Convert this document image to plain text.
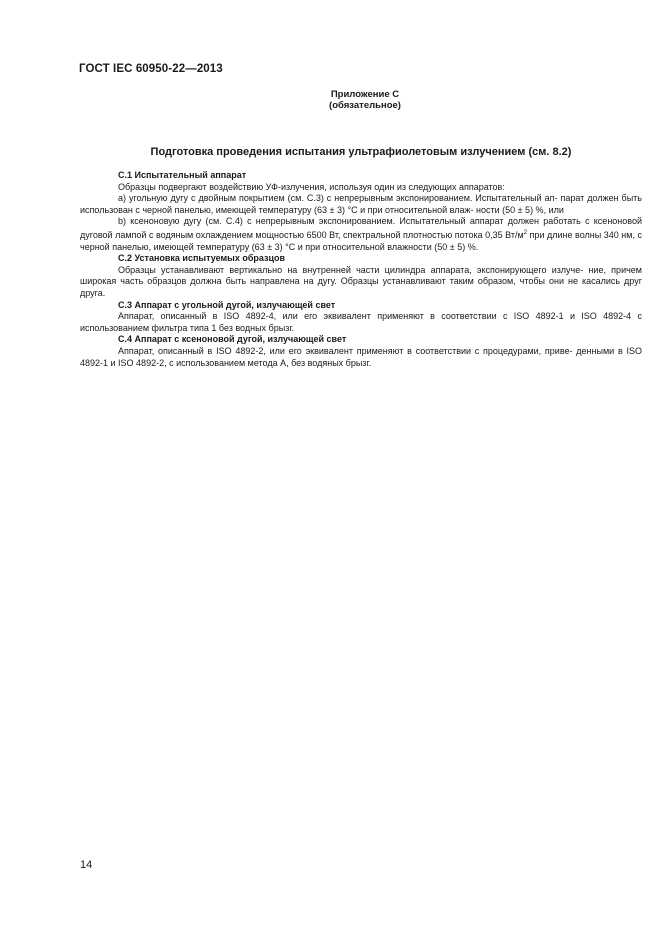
ГОСТ IEC 60950-22—2013
Приложение С
(обязательное)
Подготовка проведения испытания ультрафиолетовым излучением (см. 8.2)

С.1 Испытательный аппарат

Образцы подвергают воздействию УФ-излучения, используя один из следующих аппаратов:

а) угольную дугу с двойным покрытием (см. С.3) с непрерывным экспонированием. Испытательный ап- парат должен быть использован с черной панелью, имеющей температуру (63 ± 3) °С и при относительной влаж- ности (50 ± 5) %, или

b) ксеноновую дугу (см. С.4) с непрерывным экспонированием. Испытательный аппарат должен работать с ксеноновой дуговой лампой с водяным охлаждением мощностью 6500 Вт, спектральной плотностью потока 0,35 $Вт/м^2$ при длине волны 340 нм, с черной панелью, имеющей температуру (63 ± 3) °С и при относительной влажности (50 ± 5) %.

С.2 Установка испытуемых образцов

Образцы устанавливают вертикально на внутренней части цилиндра аппарата, экспонирующего излуче- ние, причем широкая часть образцов должна быть направлена на дугу. Образцы устанавливают таким образом, чтобы они не касались друг друга.

С.3 Аппарат с угольной дугой, излучающей свет

Аппарат, описанный в ISO 4892-4, или его эквивалент применяют в соответствии с ISO 4892-1 и ISO 4892-4 с использованием фильтра типа 1 без водных брызг.

С.4 Аппарат с ксеноновой дугой, излучающей свет

Аппарат, описанный в ISO 4892-2, или его эквивалент применяют в соответствии с процедурами, приве- денными в ISO 4892-1 и ISO 4892-2, с использованием метода А, без водяных брызг.

14
